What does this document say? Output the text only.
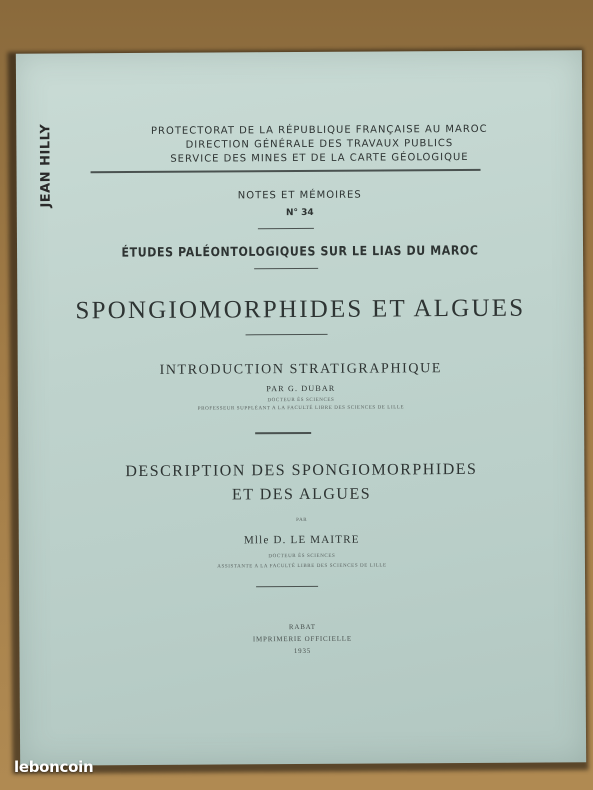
JEAN HILLY	PROTECTORAT DE LA RÉPUBLIQUE FRANÇAISE AU MAROC
DIRECTION GÉNÉRALE DES TRAVAUX PUBLICS
SERVICE DES MINES ET DE LA CARTE GÉOLOGIQUE
NOTES ET MÉMOIRES
N° 34
ÉTUDES PALÉONTOLOGIQUES SUR LE LIAS DU MAROC
SPONGIOMORPHIDES ET ALGUES
INTRODUCTION STRATIGRAPHIQUE
PAR G. DUBAR
DOCTEUR ÈS SCIENCES
PROFESSEUR SUPPLÉANT A LA FACULTÉ LIBRE DES SCIENCES DE LILLE
DESCRIPTION DES SPONGIOMORPHIDES
ET DES ALGUES
PAR
Mlle D. LE MAITRE
DOCTEUR ÈS SCIENCES
ASSISTANTE A LA FACULTÉ LIBRE DES SCIENCES DE LILLE
RABAT
IMPRIMERIE OFFICIELLE
1935
leboncoin
